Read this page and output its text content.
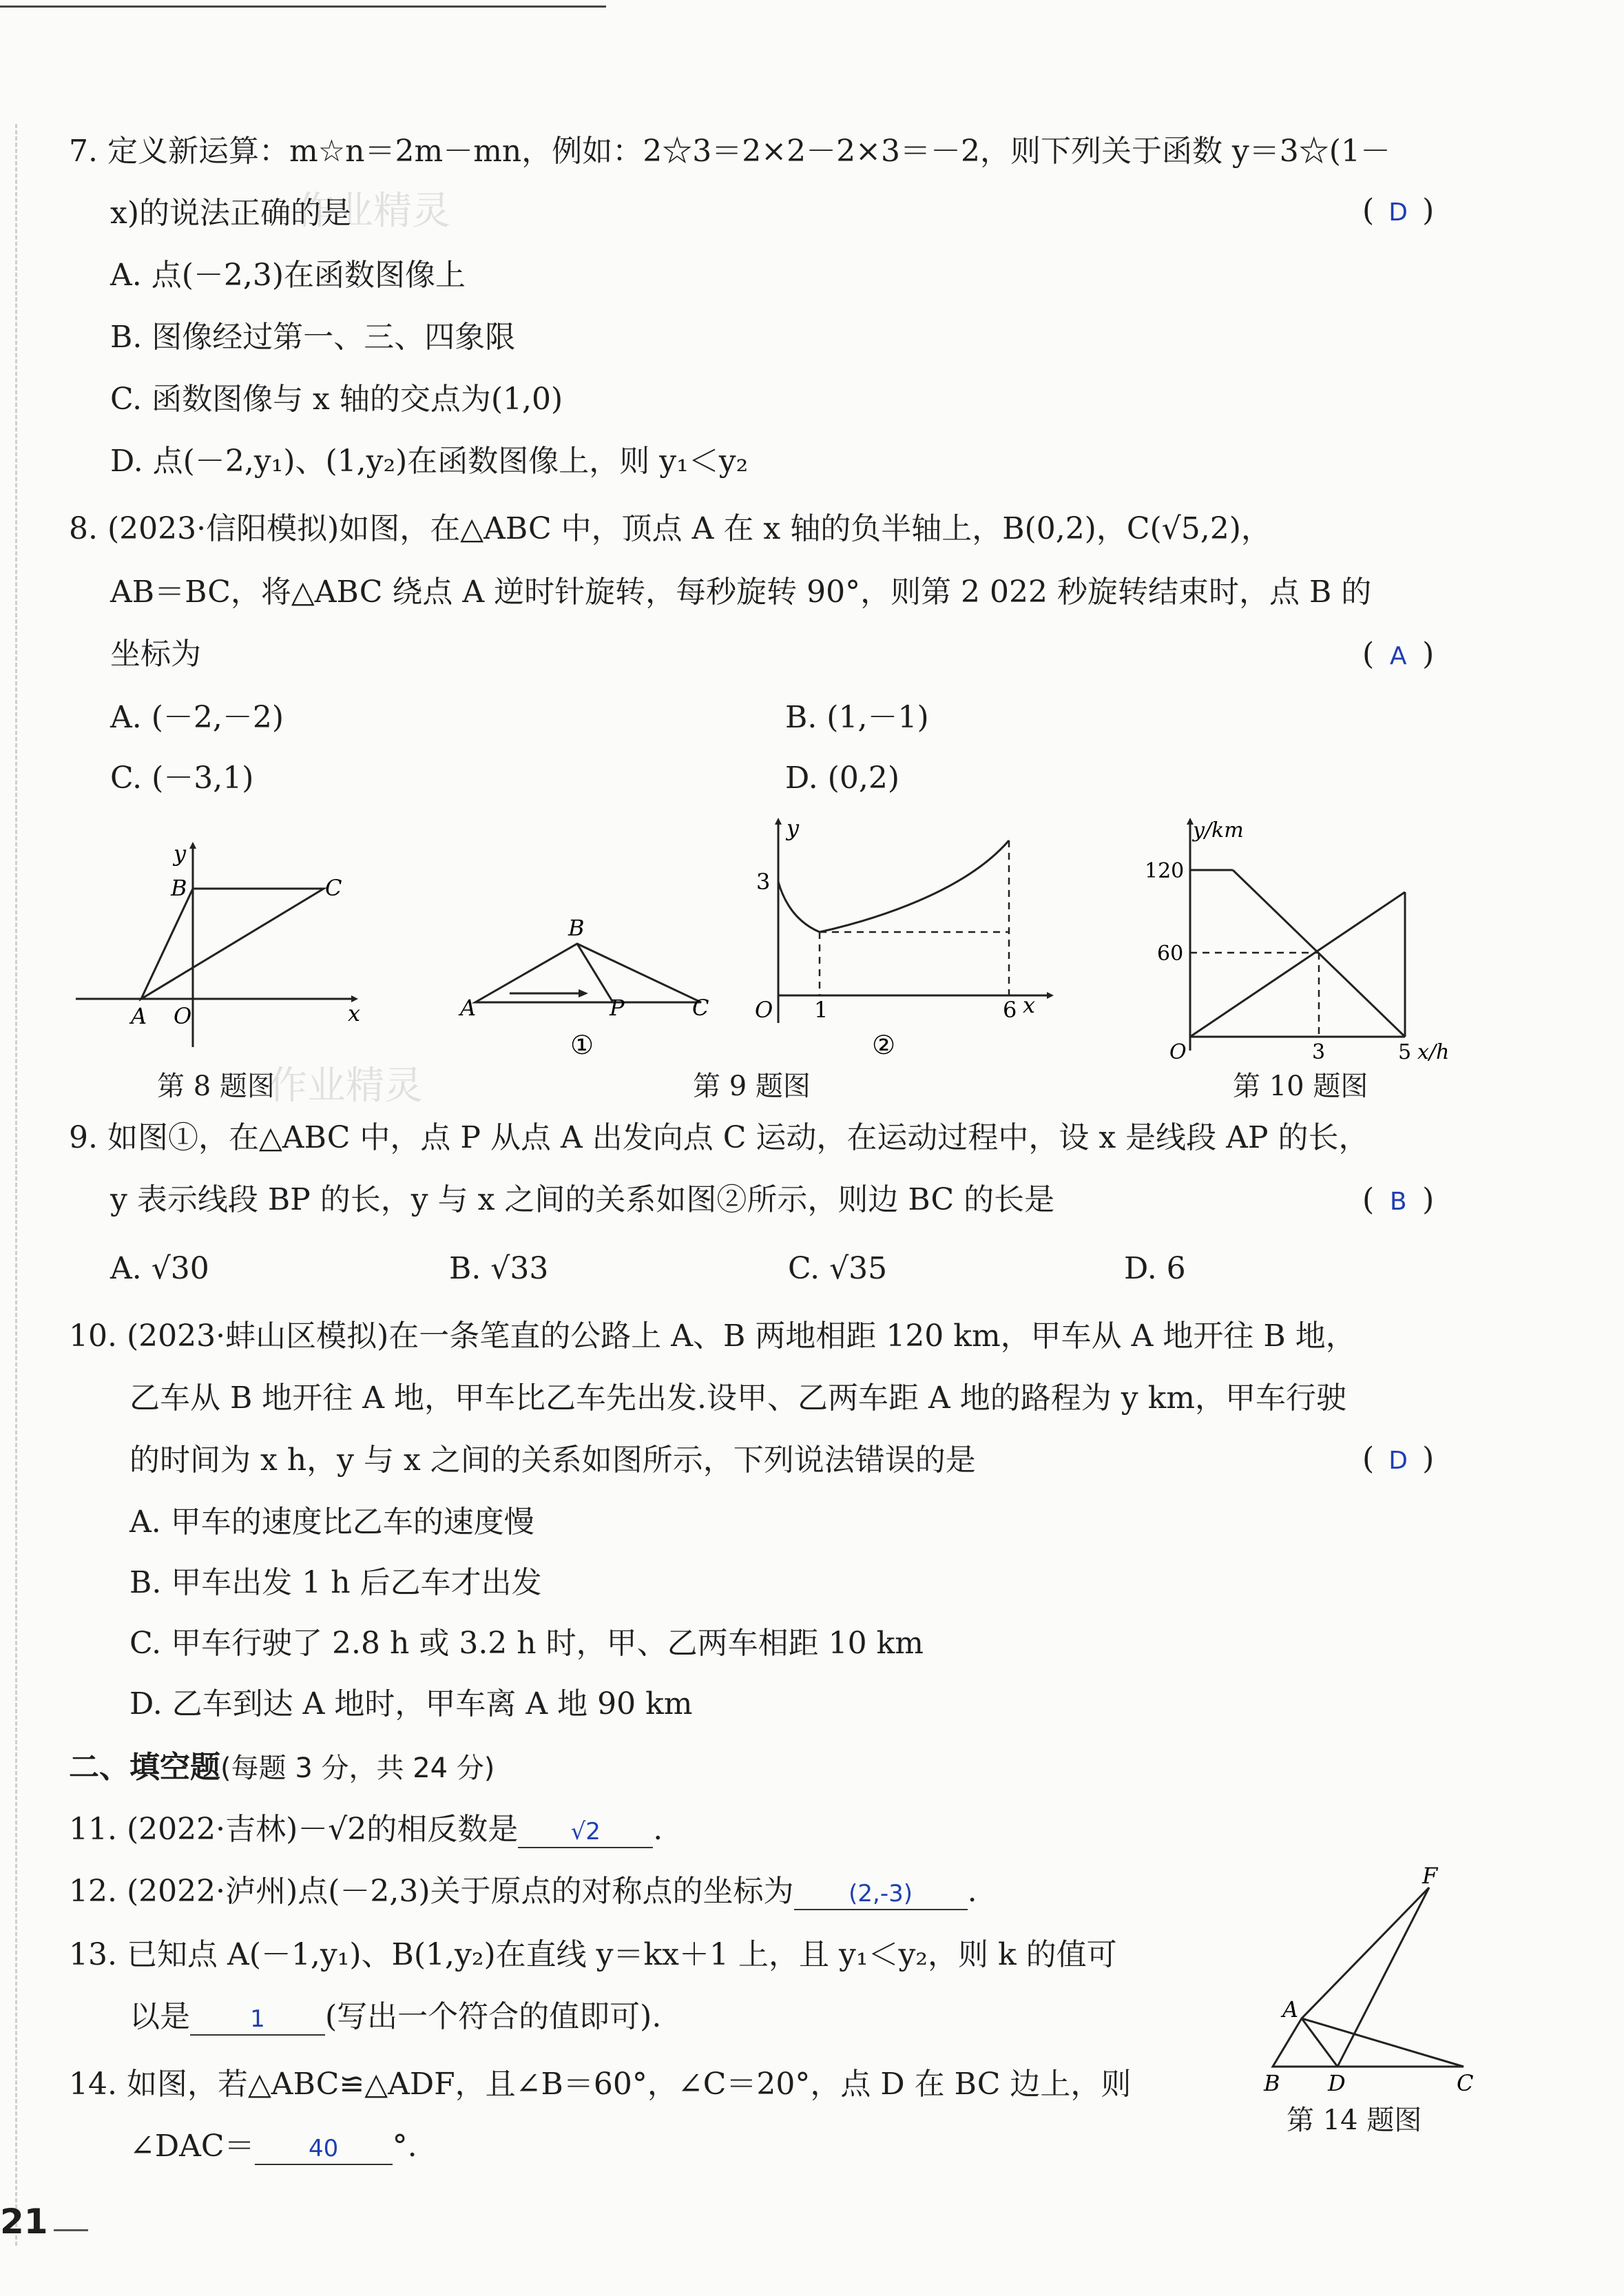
作业精灵
作业精灵
7. 定义新运算：m☆n＝2m－mn，例如：2☆3＝2×2－2×3＝－2，则下列关于函数 y＝3☆(1－
x)的说法正确的是	( D )
A. 点(－2,3)在函数图像上
B. 图像经过第一、三、四象限
C. 函数图像与 x 轴的交点为(1,0)
D. 点(－2,y₁)、(1,y₂)在函数图像上，则 y₁＜y₂
8. (2023·信阳模拟)如图，在△ABC 中，顶点 A 在 x 轴的负半轴上，B(0,2)，C(√5,2)，
AB＝BC，将△ABC 绕点 A 逆时针旋转，每秒旋转 90°，则第 2 022 秒旋转结束时，点 B 的
坐标为	( A )
A. (－2,－2)	B. (1,－1)
C. (－3,1)	D. (0,2)
y
x
B	C
A O
第 8 题图
B
A	P	C
①
y
3
O 1	6 x
②
第 9 题图
y/km
120
60
O	3	5 x/h
第 10 题图
9. 如图①，在△ABC 中，点 P 从点 A 出发向点 C 运动，在运动过程中，设 x 是线段 AP 的长，
y 表示线段 BP 的长，y 与 x 之间的关系如图②所示，则边 BC 的长是	( B )
A. √30	B. √33	C. √35	D. 6
10. (2023·蚌山区模拟)在一条笔直的公路上 A、B 两地相距 120 km，甲车从 A 地开往 B 地，
乙车从 B 地开往 A 地，甲车比乙车先出发.设甲、乙两车距 A 地的路程为 y km，甲车行驶
的时间为 x h，y 与 x 之间的关系如图所示，下列说法错误的是	( D )
A. 甲车的速度比乙车的速度慢
B. 甲车出发 1 h 后乙车才出发
C. 甲车行驶了 2.8 h 或 3.2 h 时，甲、乙两车相距 10 km
D. 乙车到达 A 地时，甲车离 A 地 90 km
二、填空题(每题 3 分，共 24 分)
11. (2022·吉林)－√2的相反数是 √2 .
12. (2022·泸州)点(－2,3)关于原点的对称点的坐标为 (2,-3) .
13. 已知点 A(－1,y₁)、B(1,y₂)在直线 y＝kx＋1 上，且 y₁＜y₂，则 k 的值可
以是	1 (写出一个符合的值即可).
14. 如图，若△ABC≌△ADF，且∠B＝60°，∠C＝20°，点 D 在 BC 边上，则
∠DAC＝ 40 °.
F
A
B D	C
第 14 题图
21
